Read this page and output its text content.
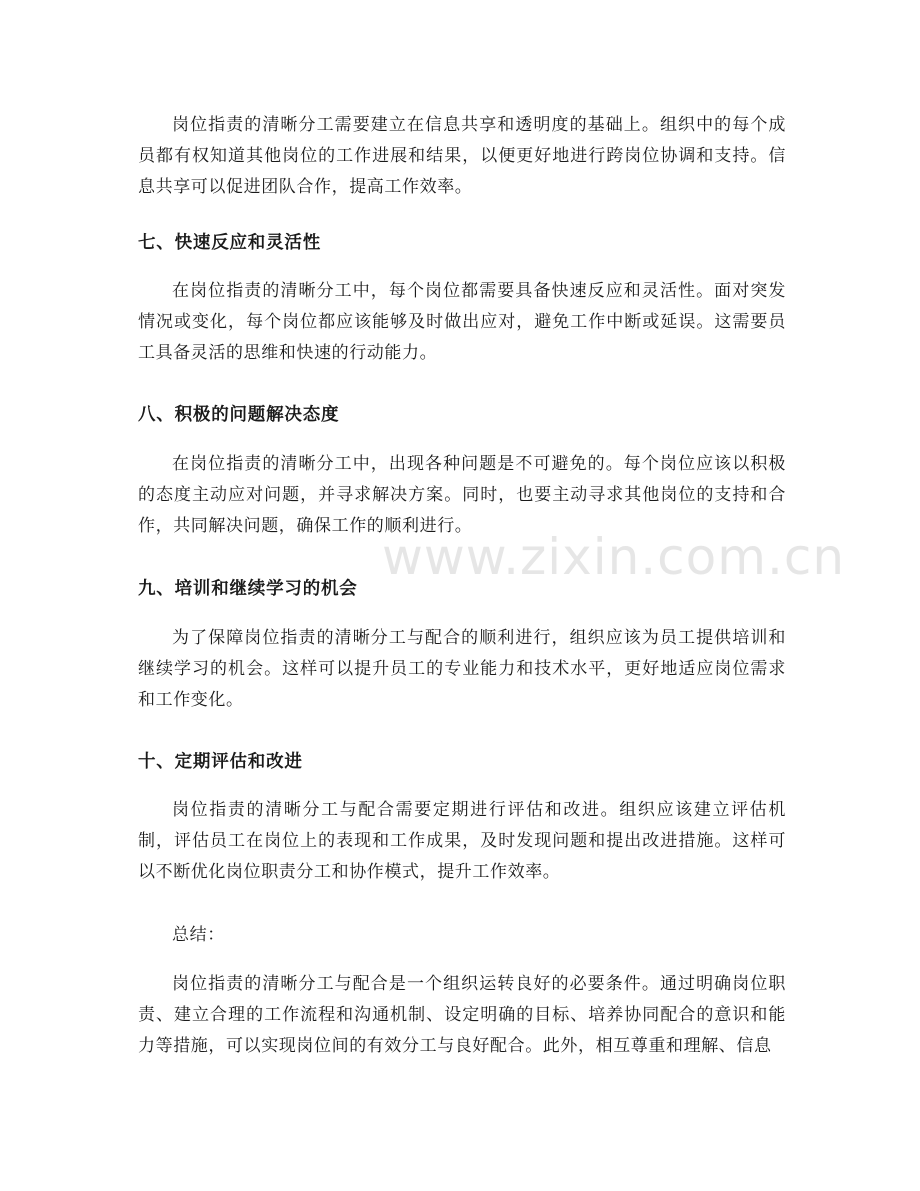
岗位指责的清晰分工需要建立在信息共享和透明度的基础上。组织中的每个成员都有权知道其他岗位的工作进展和结果，以便更好地进行跨岗位协调和支持。信息共享可以促进团队合作，提高工作效率。

七、快速反应和灵活性

在岗位指责的清晰分工中，每个岗位都需要具备快速反应和灵活性。面对突发情况或变化，每个岗位都应该能够及时做出应对，避免工作中断或延误。这需要员工具备灵活的思维和快速的行动能力。

八、积极的问题解决态度

在岗位指责的清晰分工中，出现各种问题是不可避免的。每个岗位应该以积极的态度主动应对问题，并寻求解决方案。同时，也要主动寻求其他岗位的支持和合作，共同解决问题，确保工作的顺利进行。

九、培训和继续学习的机会

为了保障岗位指责的清晰分工与配合的顺利进行，组织应该为员工提供培训和继续学习的机会。这样可以提升员工的专业能力和技术水平，更好地适应岗位需求和工作变化。

十、定期评估和改进

岗位指责的清晰分工与配合需要定期进行评估和改进。组织应该建立评估机制，评估员工在岗位上的表现和工作成果，及时发现问题和提出改进措施。这样可以不断优化岗位职责分工和协作模式，提升工作效率。

总结：

岗位指责的清晰分工与配合是一个组织运转良好的必要条件。通过明确岗位职责、建立合理的工作流程和沟通机制、设定明确的目标、培养协同配合的意识和能力等措施，可以实现岗位间的有效分工与良好配合。此外，相互尊重和理解、信息

www.zixin.com.cn
